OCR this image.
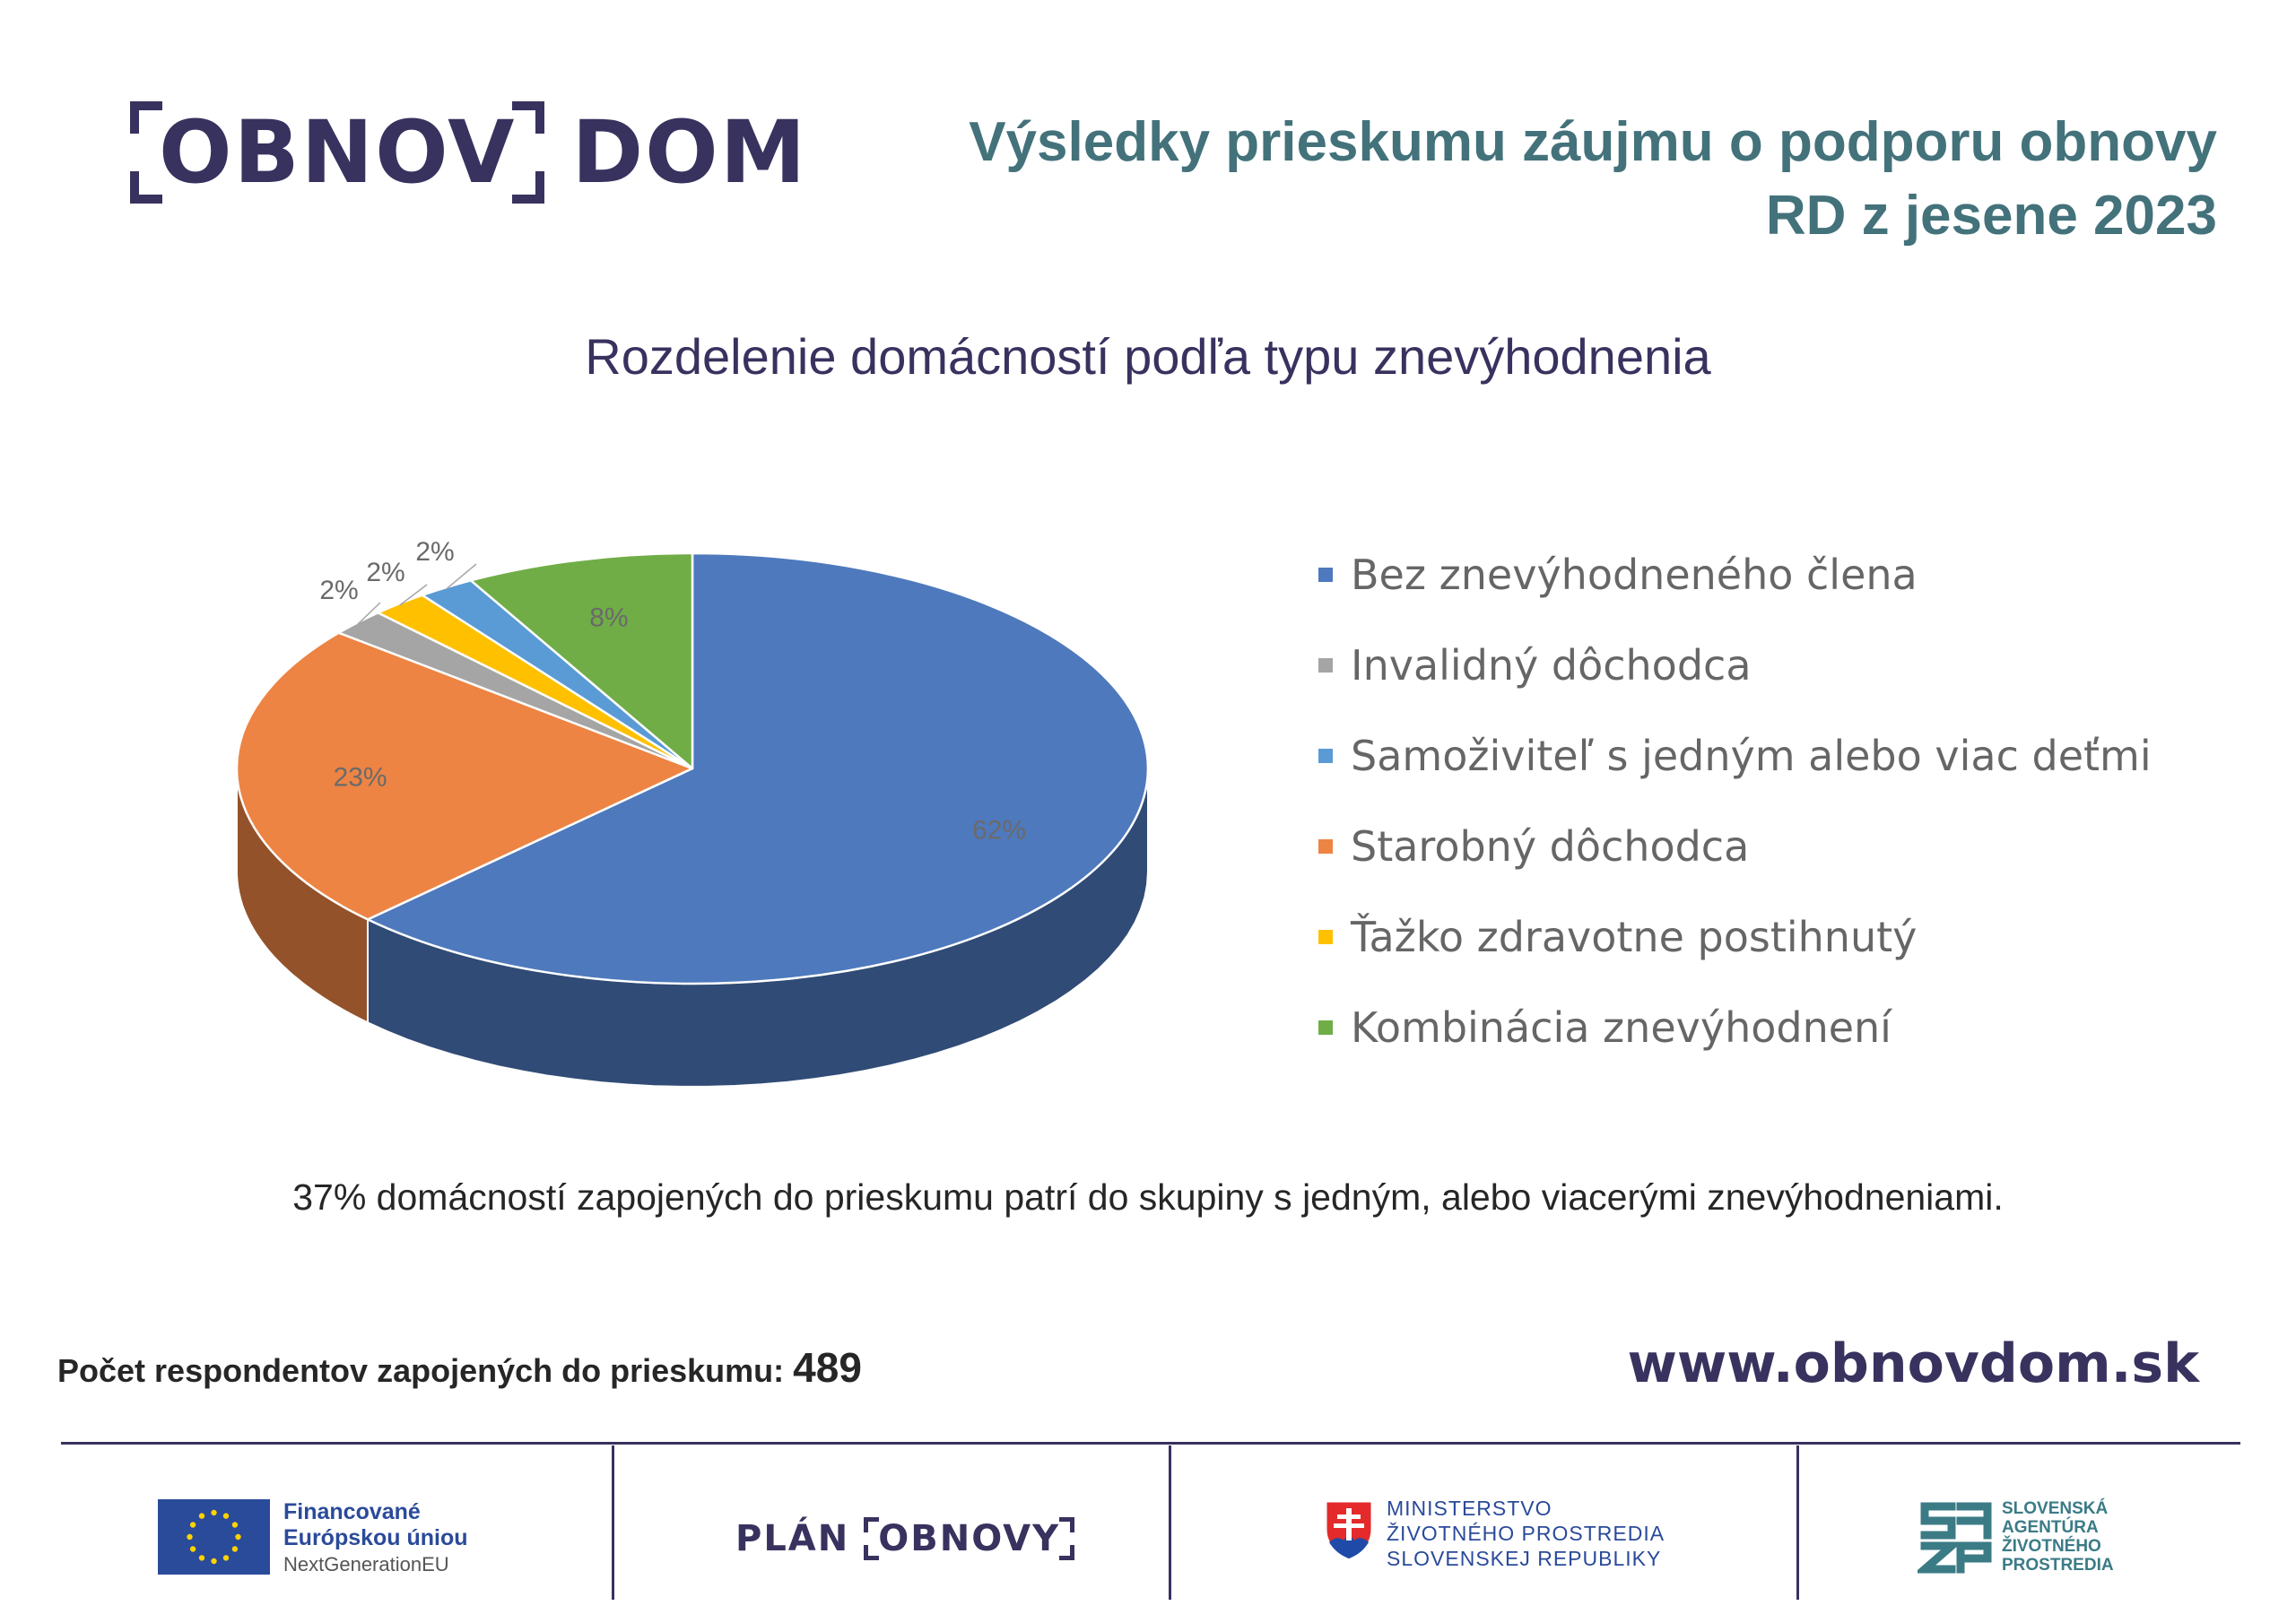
OBNOV DOM	Výsledky prieskumu záujmu o podporu obnovy
RD z jesene 2023
Rozdelenie domácností podľa typu znevýhodnenia
62%
23%
2%
2%
2%
8%
Bez znevýhodneného člena
Invalidný dôchodca
Samoživiteľ s jedným alebo viac deťmi
Starobný dôchodca
Ťažko zdravotne postihnutý
Kombinácia znevýhodnení
37% domácností zapojených do prieskumu patrí do skupiny s jedným, alebo viacerými znevýhodneniami.
Počet respondentov zapojených do prieskumu: 489	www.obnovdom.sk
Financované
Európskou úniou
NextGenerationEU
PLÁN OBNOVY
MINISTERSTVO
ŽIVOTNÉHO PROSTREDIA
SLOVENSKEJ REPUBLIKY
SLOVENSKÁ
AGENTÚRA
ŽIVOTNÉHO
PROSTREDIA
